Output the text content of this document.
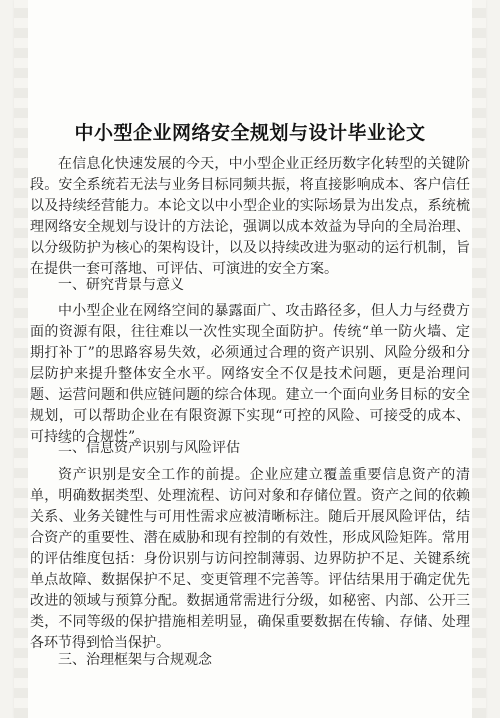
中小型企业网络安全规划与设计毕业论文

在信息化快速发展的今天，中小型企业正经历数字化转型的关键阶段。安全系统若无法与业务目标同频共振，将直接影响成本、客户信任以及持续经营能力。本论文以中小型企业的实际场景为出发点，系统梳理网络安全规划与设计的方法论，强调以成本效益为导向的全局治理、以分级防护为核心的架构设计，以及以持续改进为驱动的运行机制，旨在提供一套可落地、可评估、可演进的安全方案。

一、研究背景与意义

中小型企业在网络空间的暴露面广、攻击路径多，但人力与经费方面的资源有限，往往难以一次性实现全面防护。传统“单一防火墙、定期打补丁”的思路容易失效，必须通过合理的资产识别、风险分级和分层防护来提升整体安全水平。网络安全不仅是技术问题，更是治理问题、运营问题和供应链问题的综合体现。建立一个面向业务目标的安全规划，可以帮助企业在有限资源下实现“可控的风险、可接受的成本、可持续的合规性”。

二、信息资产识别与风险评估

资产识别是安全工作的前提。企业应建立覆盖重要信息资产的清单，明确数据类型、处理流程、访问对象和存储位置。资产之间的依赖关系、业务关键性与可用性需求应被清晰标注。随后开展风险评估，结合资产的重要性、潜在威胁和现有控制的有效性，形成风险矩阵。常用的评估维度包括：身份识别与访问控制薄弱、边界防护不足、关键系统单点故障、数据保护不足、变更管理不完善等。评估结果用于确定优先改进的领域与预算分配。数据通常需进行分级，如秘密、内部、公开三类，不同等级的保护措施相差明显，确保重要数据在传输、存储、处理各环节得到恰当保护。

三、治理框架与合规观念
